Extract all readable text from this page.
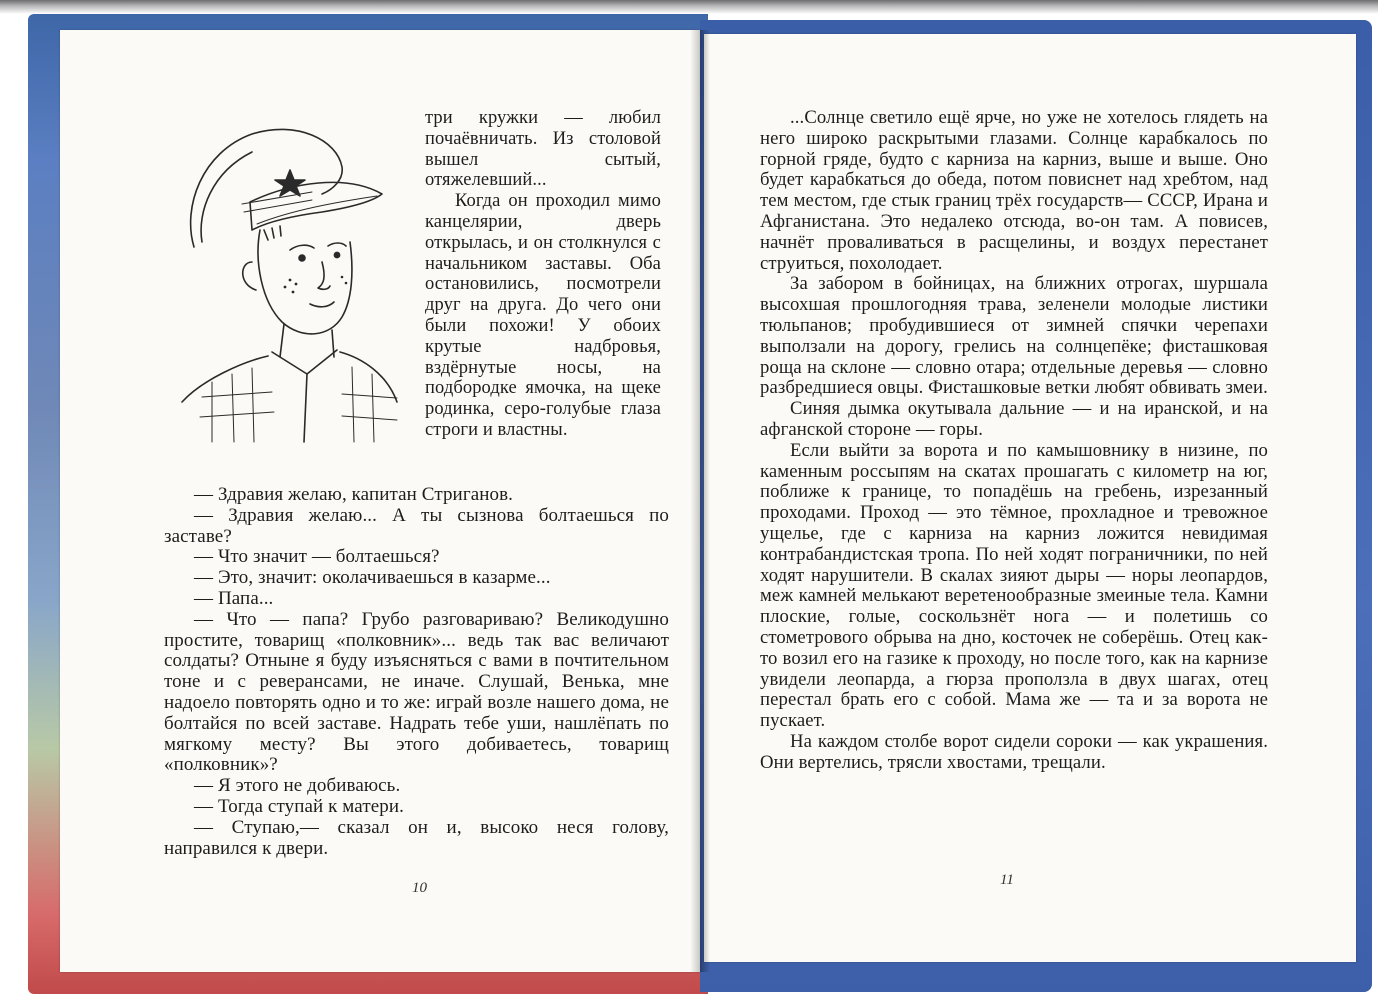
три кружки — любил почаёвничать. Из столовой вышел сытый, отяжелевший...

Когда он проходил мимо канцелярии, дверь открылась, и он столкнулся с начальником заставы. Оба остановились, посмотрели друг на друга. До чего они были похожи! У обоих крутые надбровья, вздёрнутые носы, на подбородке ямочка, на щеке родинка, серо-голубые глаза строги и властны.

— Здравия желаю, капитан Стриганов.

— Здравия желаю... А ты сызнова болтаешься по заставе?

— Что значит — болтаешься?

— Это, значит: околачиваешься в казарме...

— Папа...

— Что — папа? Грубо разговариваю? Великодушно простите, товарищ «полковник»... ведь так вас величают солдаты? Отныне я буду изъясняться с вами в почтительном тоне и с реверансами, не иначе. Слушай, Венька, мне надоело повторять одно и то же: играй возле нашего дома, не болтайся по всей заставе. Надрать тебе уши, нашлёпать по мягкому месту? Вы этого добиваетесь, товарищ «полковник»?

— Я этого не добиваюсь.

— Тогда ступай к матери.

— Ступаю,— сказал он и, высоко неся голову, направился к двери.

10

...Солнце светило ещё ярче, но уже не хотелось глядеть на него широко раскрытыми глазами. Солнце карабкалось по горной гряде, будто с карниза на карниз, выше и выше. Оно будет карабкаться до обеда, потом повиснет над хребтом, над тем местом, где стык границ трёх государств— СССР, Ирана и Афганистана. Это недалеко отсюда, во-он там. А повисев, начнёт проваливаться в расщелины, и воздух перестанет струиться, похолодает.

За забором в бойницах, на ближних отрогах, шуршала высохшая прошлогодняя трава, зеленели молодые листики тюльпанов; пробудившиеся от зимней спячки черепахи выползали на дорогу, грелись на солнцепёке; фисташковая роща на склоне — словно отара; отдельные деревья — словно разбредшиеся овцы. Фисташковые ветки любят обвивать змеи.

Синяя дымка окутывала дальние — и на иранской, и на афганской стороне — горы.

Если выйти за ворота и по камышовнику в низине, по каменным россыпям на скатах прошагать с километр на юг, поближе к границе, то попадёшь на гребень, изрезанный проходами. Проход — это тёмное, прохладное и тревожное ущелье, где с карниза на карниз ложится невидимая контрабандистская тропа. По ней ходят пограничники, по ней ходят нарушители. В скалах зияют дыры — норы леопардов, меж камней мелькают веретенообразные змеиные тела. Камни плоские, голые, соскользнёт нога — и полетишь со стометрового обрыва на дно, косточек не соберёшь. Отец как-то возил его на газике к проходу, но после того, как на карнизе увидели леопарда, а гюрза проползла в двух шагах, отец перестал брать его с собой. Мама же — та и за ворота не пускает.

На каждом столбе ворот сидели сороки — как украшения. Они вертелись, трясли хвостами, трещали.

11
